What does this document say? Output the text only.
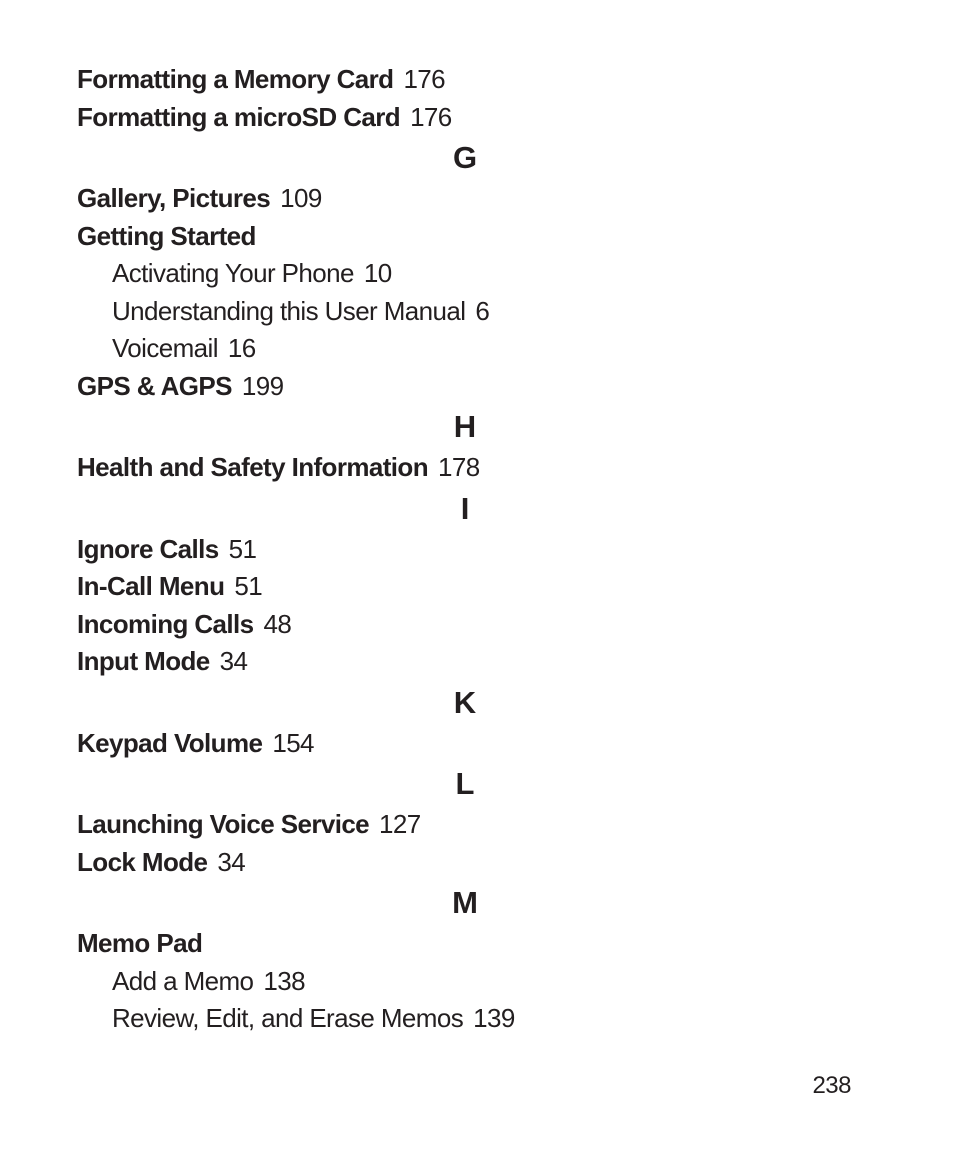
Formatting a Memory Card 176
Formatting a microSD Card 176
G
Gallery, Pictures 109
Getting Started
Activating Your Phone 10
Understanding this User Manual 6
Voicemail 16
GPS & AGPS 199
H
Health and Safety Information 178
I
Ignore Calls 51
In-Call Menu 51
Incoming Calls 48
Input Mode 34
K
Keypad Volume 154
L
Launching Voice Service 127
Lock Mode 34
M
Memo Pad
Add a Memo 138
Review, Edit, and Erase Memos 139
238
